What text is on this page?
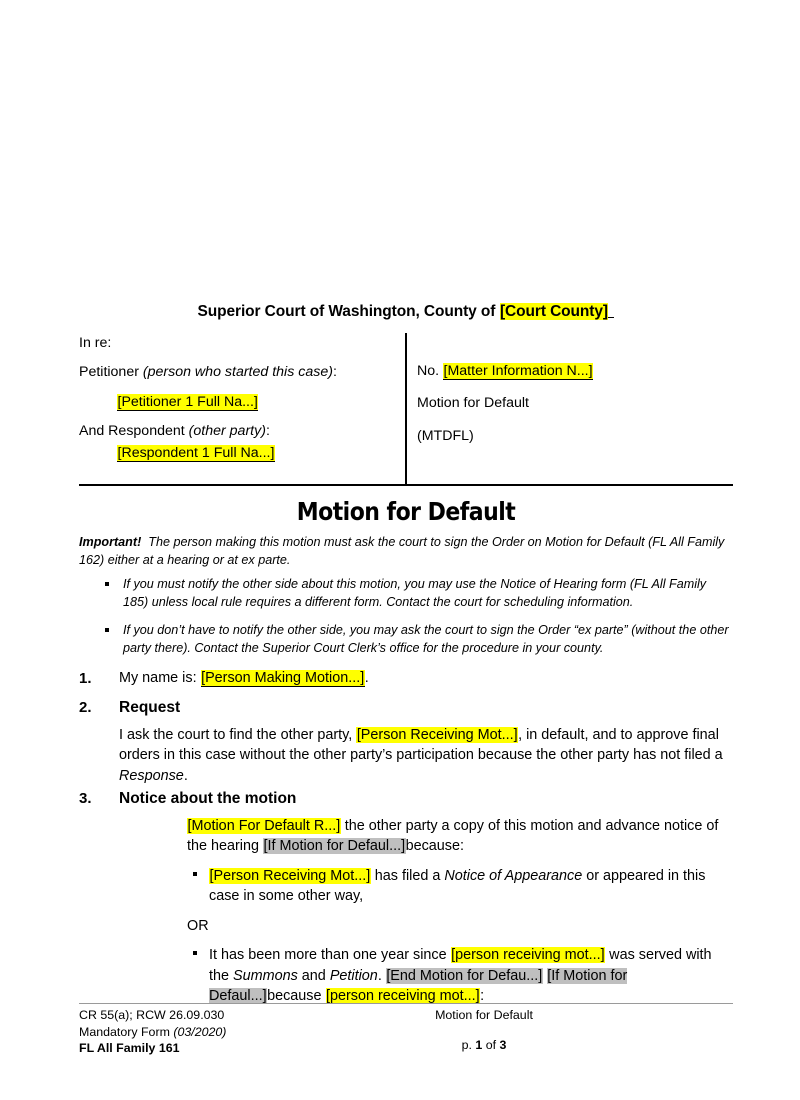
Superior Court of Washington, County of [Court County]

In re:

Petitioner (person who started this case):

[Petitioner 1 Full Na...]

And Respondent (other party):

[Respondent 1 Full Na...]

No. [Matter Information N...]

Motion for Default

(MTDFL)

Motion for Default
Important! The person making this motion must ask the court to sign the Order on Motion for Default (FL All Family 162) either at a hearing or at ex parte.
If you must notify the other side about this motion, you may use the Notice of Hearing form (FL All Family 185) unless local rule requires a different form. Contact the court for scheduling information.
If you don’t have to notify the other side, you may ask the court to sign the Order “ex parte” (without the other party there). Contact the Superior Court Clerk’s office for the procedure in your county.
1. My name is: [Person Making Motion...].

2. Request

I ask the court to find the other party, [Person Receiving Mot...], in default, and to approve final orders in this case without the other party’s participation because the other party has not filed a Response.

3. Notice about the motion

[Motion For Default R...] the other party a copy of this motion and advance notice of the hearing [If Motion for Defaul...]because:

[Person Receiving Mot...] has filed a Notice of Appearance or appeared in this case in some other way,

OR

It has been more than one year since [person receiving mot...] was served with the Summons and Petition. [End Motion for Defau...] [If Motion for Defaul...]because [person receiving mot...]:
CR 55(a); RCW 26.09.030
Mandatory Form (03/2020)
FL All Family 161
Motion for Default
p. 1 of 3
